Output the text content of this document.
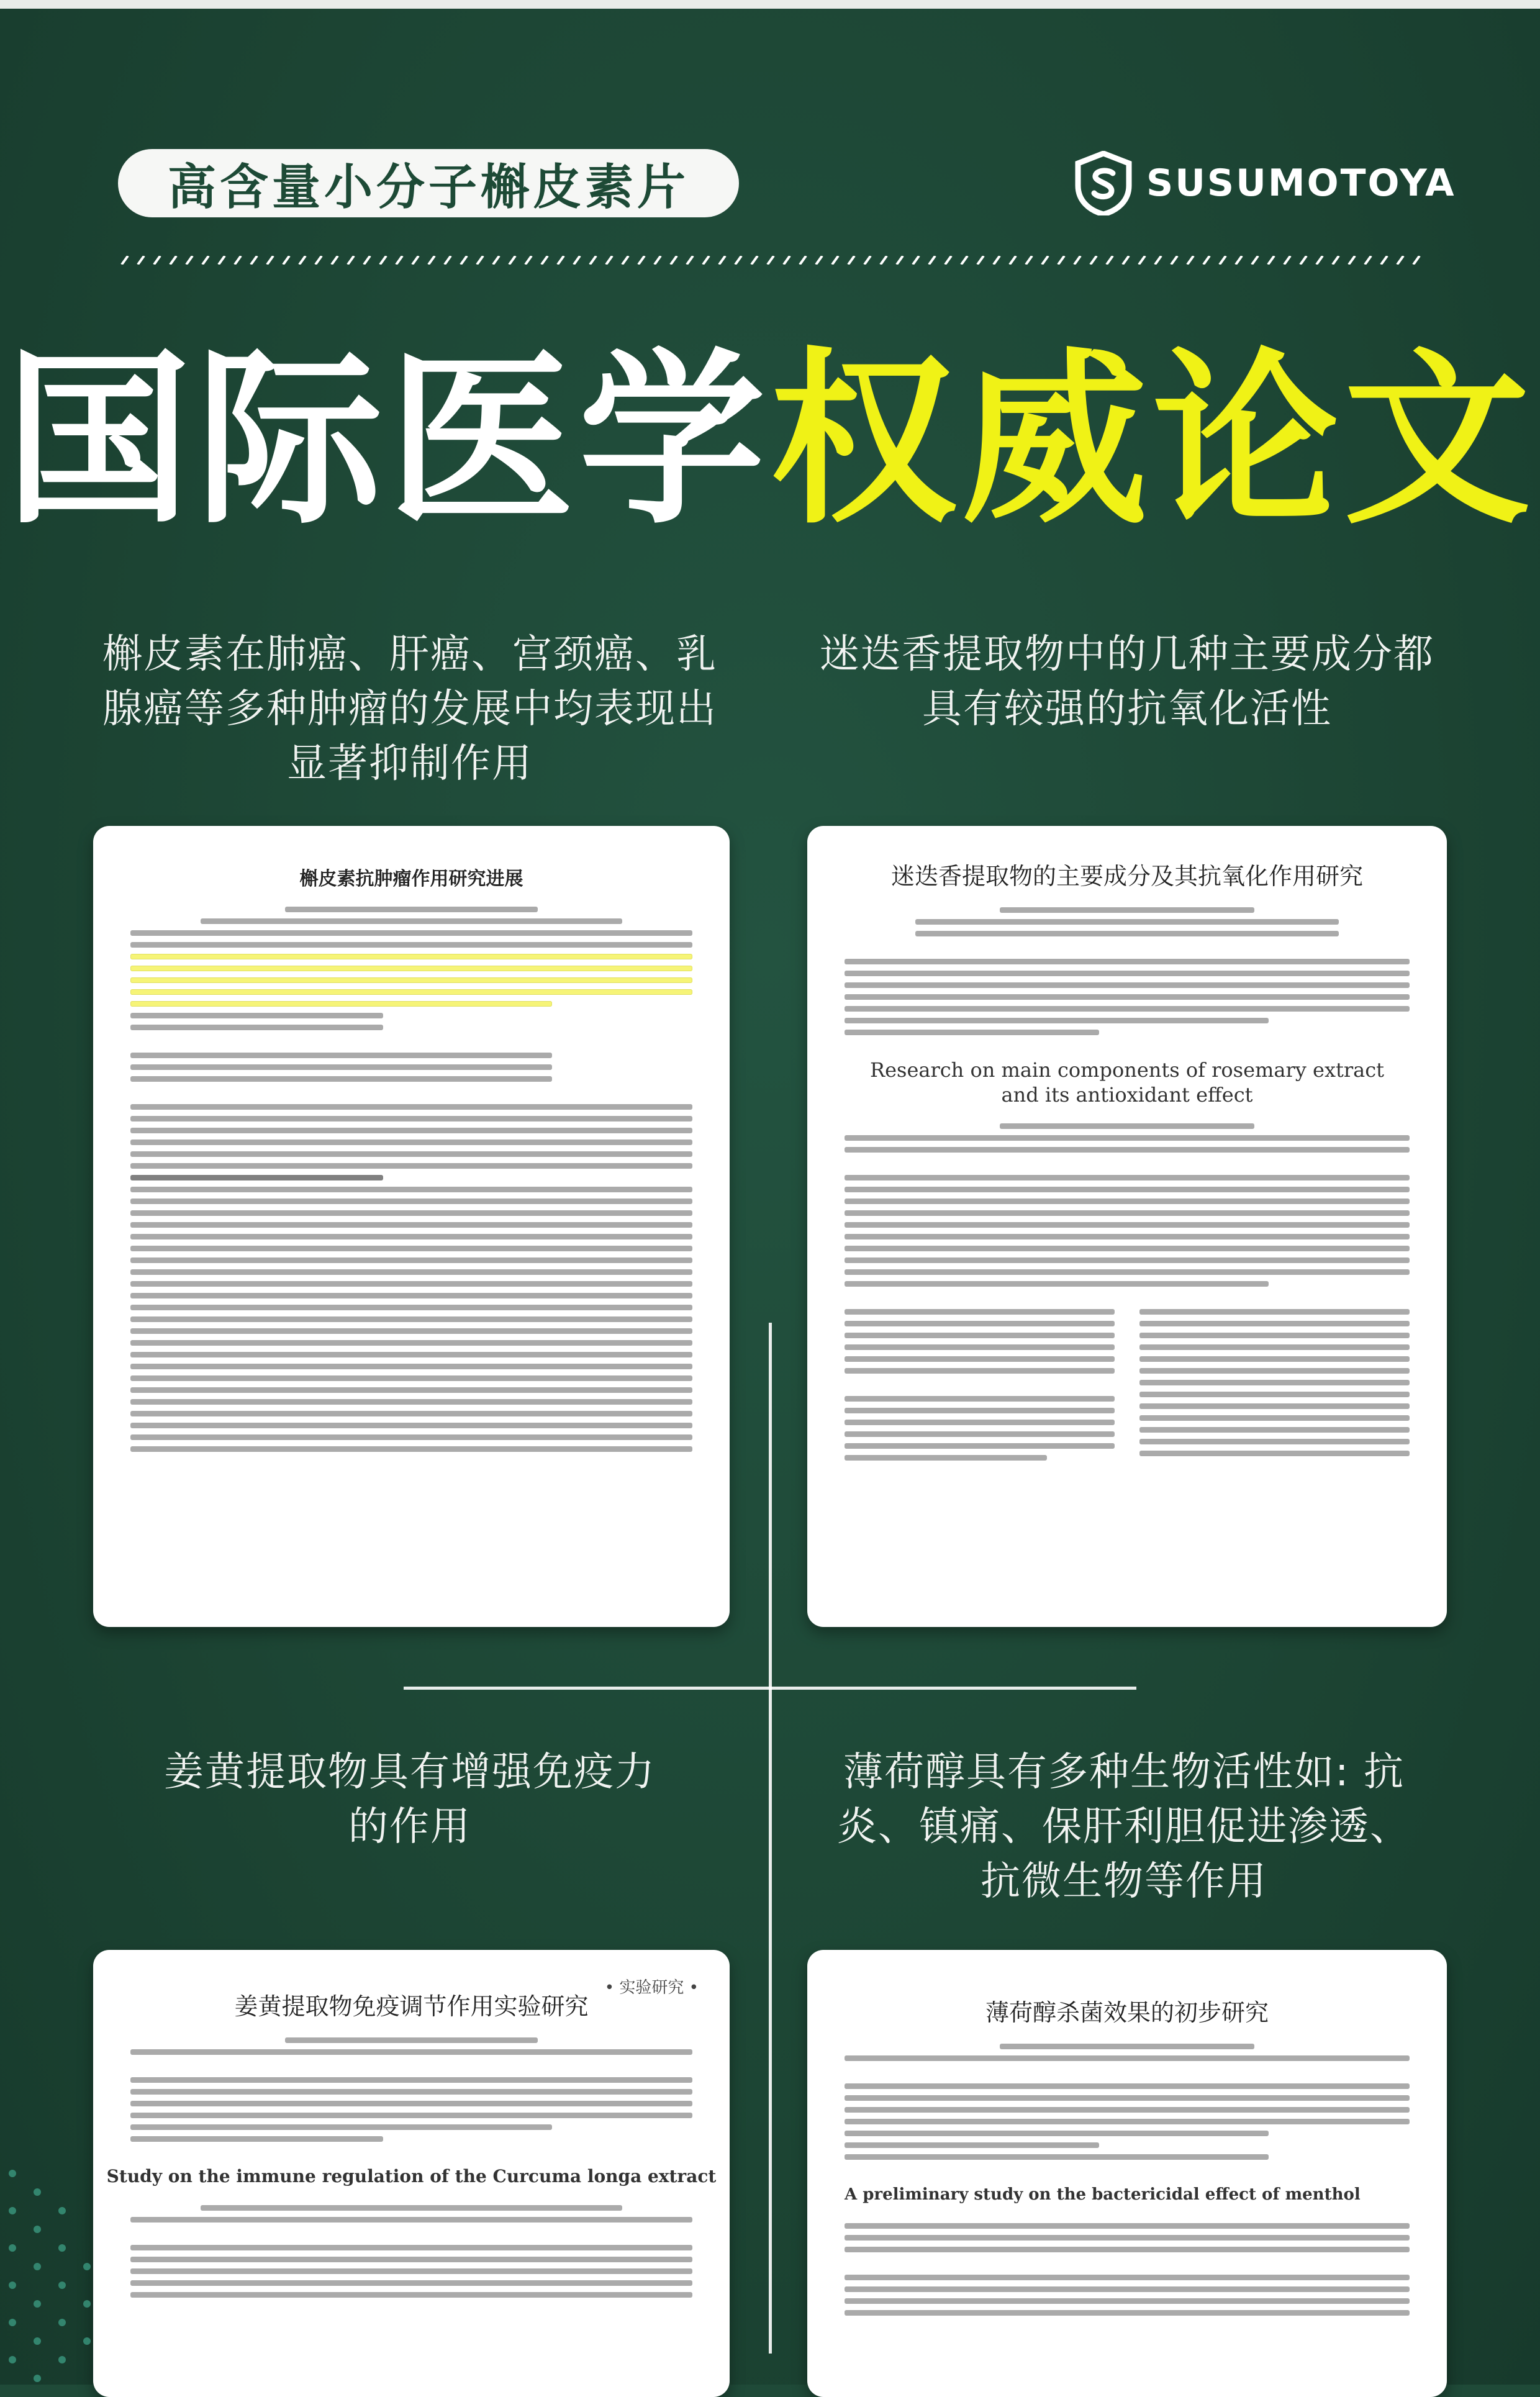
高含量小分子槲皮素片	SUSUMOTOYA
国际医学权威论文
槲皮素在肺癌、肝癌、宫颈癌、乳腺癌等多种肿瘤的发展中均表现出显著抑制作用
迷迭香提取物中的几种主要成分都具有较强的抗氧化活性
姜黄提取物具有增强免疫力的作用
薄荷醇具有多种生物活性如: 抗炎、镇痛、保肝利胆促进渗透、抗微生物等作用
槲皮素抗肿瘤作用研究进展	迷迭香提取物的主要成分及其抗氧化作用研究
Research on main components of rosemary extract
and its antioxidant effect
• 实验研究 •
姜黄提取物免疫调节作用实验研究
Study on the immune regulation of the Curcuma longa extract
薄荷醇杀菌效果的初步研究
A preliminary study on the bactericidal effect of menthol
